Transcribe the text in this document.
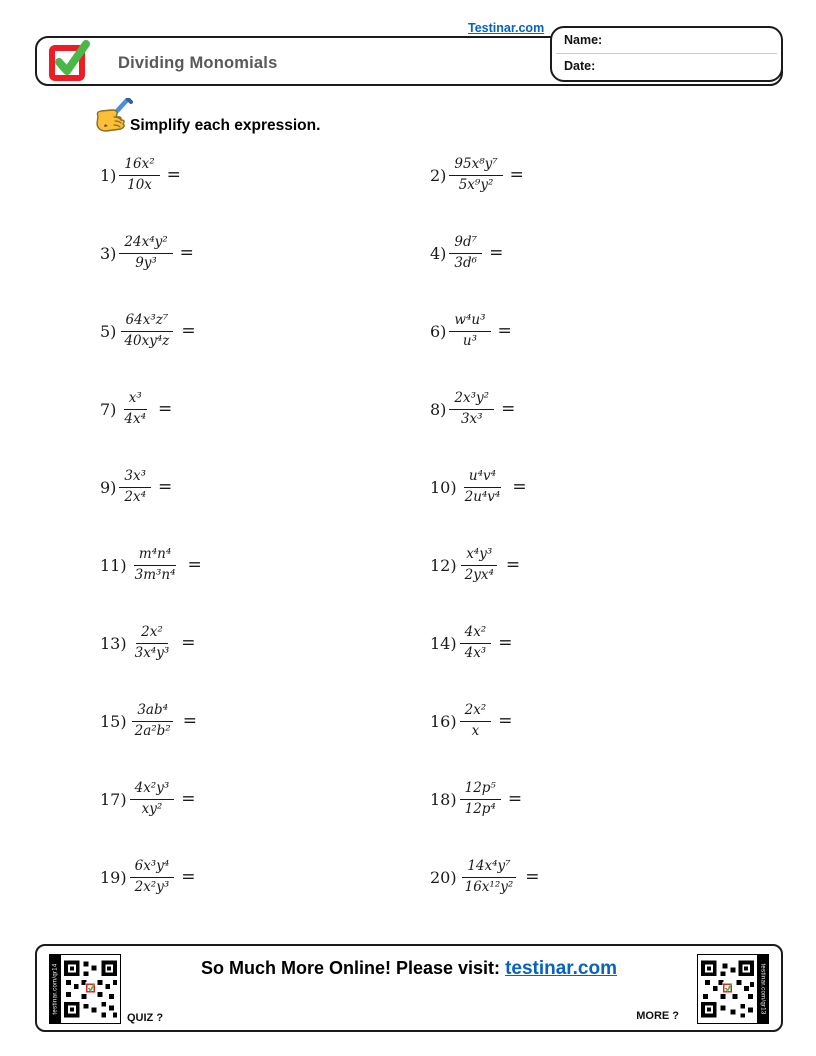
Testinar.com
Dividing Monomials
Name:
Date:
Simplify each expression.
$1) \frac{\text{16x²}}{10x}$ =	$2) \frac{\text{95x⁸y⁷}}{\text{5x⁹y²}}$ =
$3) \frac{\text{24x⁴y²}}{\text{9y³}}$ =	$4) \frac{\text{9d⁷}}{\text{3d⁶}}$ =
$5) \frac{\text{64x³z⁷}}{\text{40xy⁴z}}$ =	$6) \frac{\text{w⁴u³}}{\text{u³}}$ =
$7) \frac{\text{x³}}{\text{4x⁴}}$ =	$8) \frac{\text{2x³y²}}{\text{3x³}}$ =
$9) \frac{\text{3x³}}{\text{2x⁴}}$ =	$10) \frac{\text{u⁴v⁴}}{\text{2u⁴v⁴}}$ =
$11) \frac{\text{m⁴n⁴}}{\text{3m³n⁴}}$ =	$12) \frac{\text{x⁴y³}}{\text{2yx⁴}}$ =
$13) \frac{\text{2x²}}{\text{3x⁴y³}}$ =	$14) \frac{\text{4x²}}{\text{4x³}}$ =
$15) \frac{\text{3ab⁴}}{\text{2a²b²}}$ =	$16) \frac{\text{2x²}}{x}$ =
$17) \frac{\text{4x²y³}}{\text{xy²}}$ =	$18) \frac{\text{12p⁵}}{\text{12p⁴}}$ =
$19) \frac{\text{6x³y⁴}}{\text{2x²y³}}$ =	$20) \frac{\text{14x⁴y⁷}}{\text{16x¹²y²}}$ =
testinar.com/qr14
QUIZ ?
So Much More Online! Please visit: testinar.com
MORE ?
testinar.com/qr13
